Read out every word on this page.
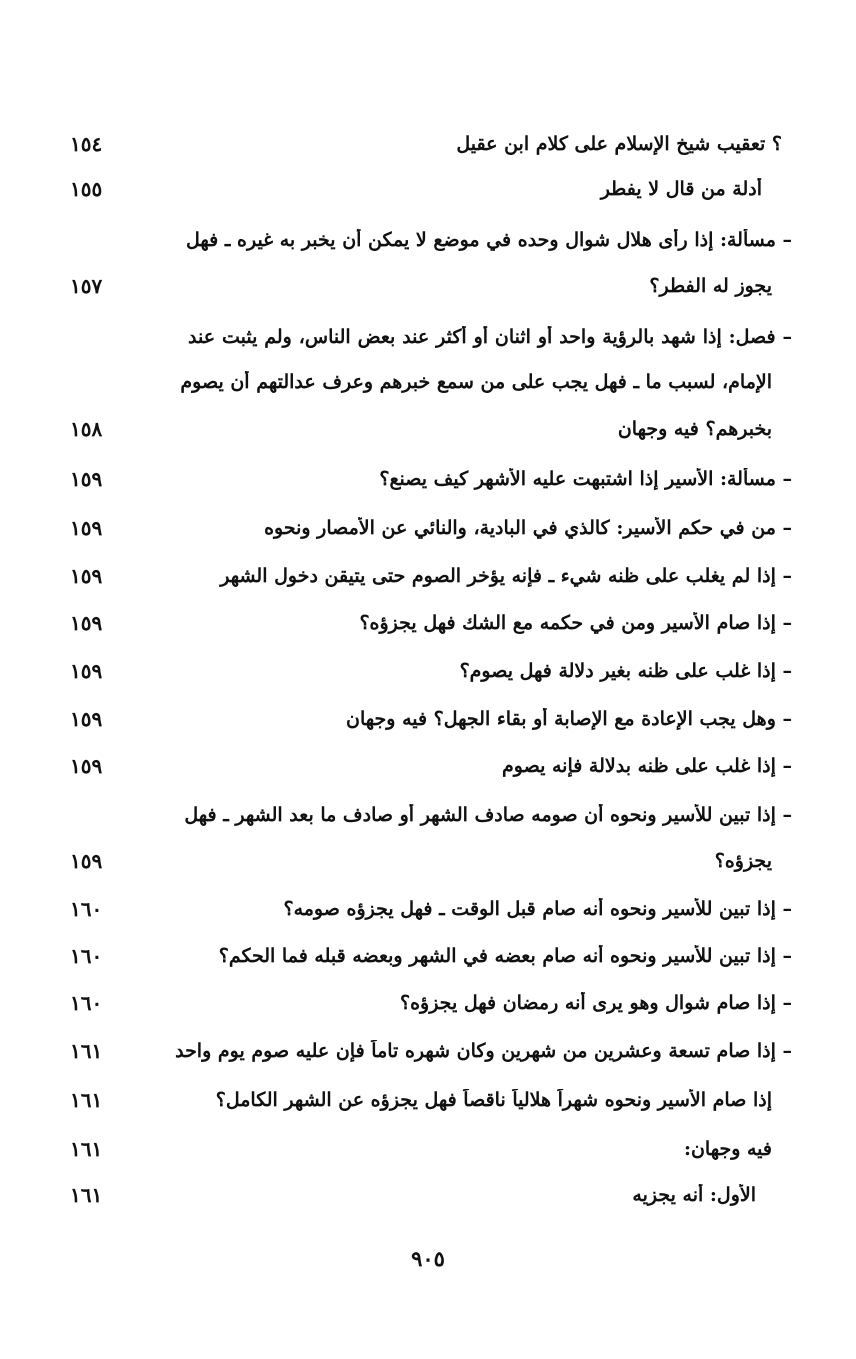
١٥٤	؟ تعقيب شيخ الإسلام على كلام ابن عقيل
١٥٥	أدلة من قال لا يفطر
– مسألة: إذا رأى هلال شوال وحده في موضع لا يمكن أن يخبر به غيره ـ فهل
١٥٧	يجوز له الفطر؟
– فصل: إذا شهد بالرؤية واحد أو اثنان أو أكثر عند بعض الناس، ولم يثبت عند
الإمام، لسبب ما ـ فهل يجب على من سمع خبرهم وعرف عدالتهم أن يصوم
١٥٨	بخبرهم؟ فيه وجهان
١٥٩	– مسألة: الأسير إذا اشتبهت عليه الأشهر كيف يصنع؟
١٥٩	– من في حكم الأسير: كالذي في البادية، والنائي عن الأمصار ونحوه
١٥٩	– إذا لم يغلب على ظنه شيء ـ فإنه يؤخر الصوم حتى يتيقن دخول الشهر
١٥٩	– إذا صام الأسير ومن في حكمه مع الشك فهل يجزؤه؟
١٥٩	– إذا غلب على ظنه بغير دلالة فهل يصوم؟
١٥٩	– وهل يجب الإعادة مع الإصابة أو بقاء الجهل؟ فيه وجهان
١٥٩	– إذا غلب على ظنه بدلالة فإنه يصوم
– إذا تبين للأسير ونحوه أن صومه صادف الشهر أو صادف ما بعد الشهر ـ فهل
١٥٩	يجزؤه؟
١٦٠	– إذا تبين للأسير ونحوه أنه صام قبل الوقت ـ فهل يجزؤه صومه؟
١٦٠	– إذا تبين للأسير ونحوه أنه صام بعضه في الشهر وبعضه قبله فما الحكم؟
١٦٠	– إذا صام شوال وهو يرى أنه رمضان فهل يجزؤه؟
١٦١	– إذا صام تسعة وعشرين من شهرين وكان شهره تاماً فإن عليه صوم يوم واحد
١٦١	إذا صام الأسير ونحوه شهراً هلالياً ناقصاً فهل يجزؤه عن الشهر الكامل؟
١٦١	فيه وجهان:
١٦١	الأول: أنه يجزيه
٩٠٥
